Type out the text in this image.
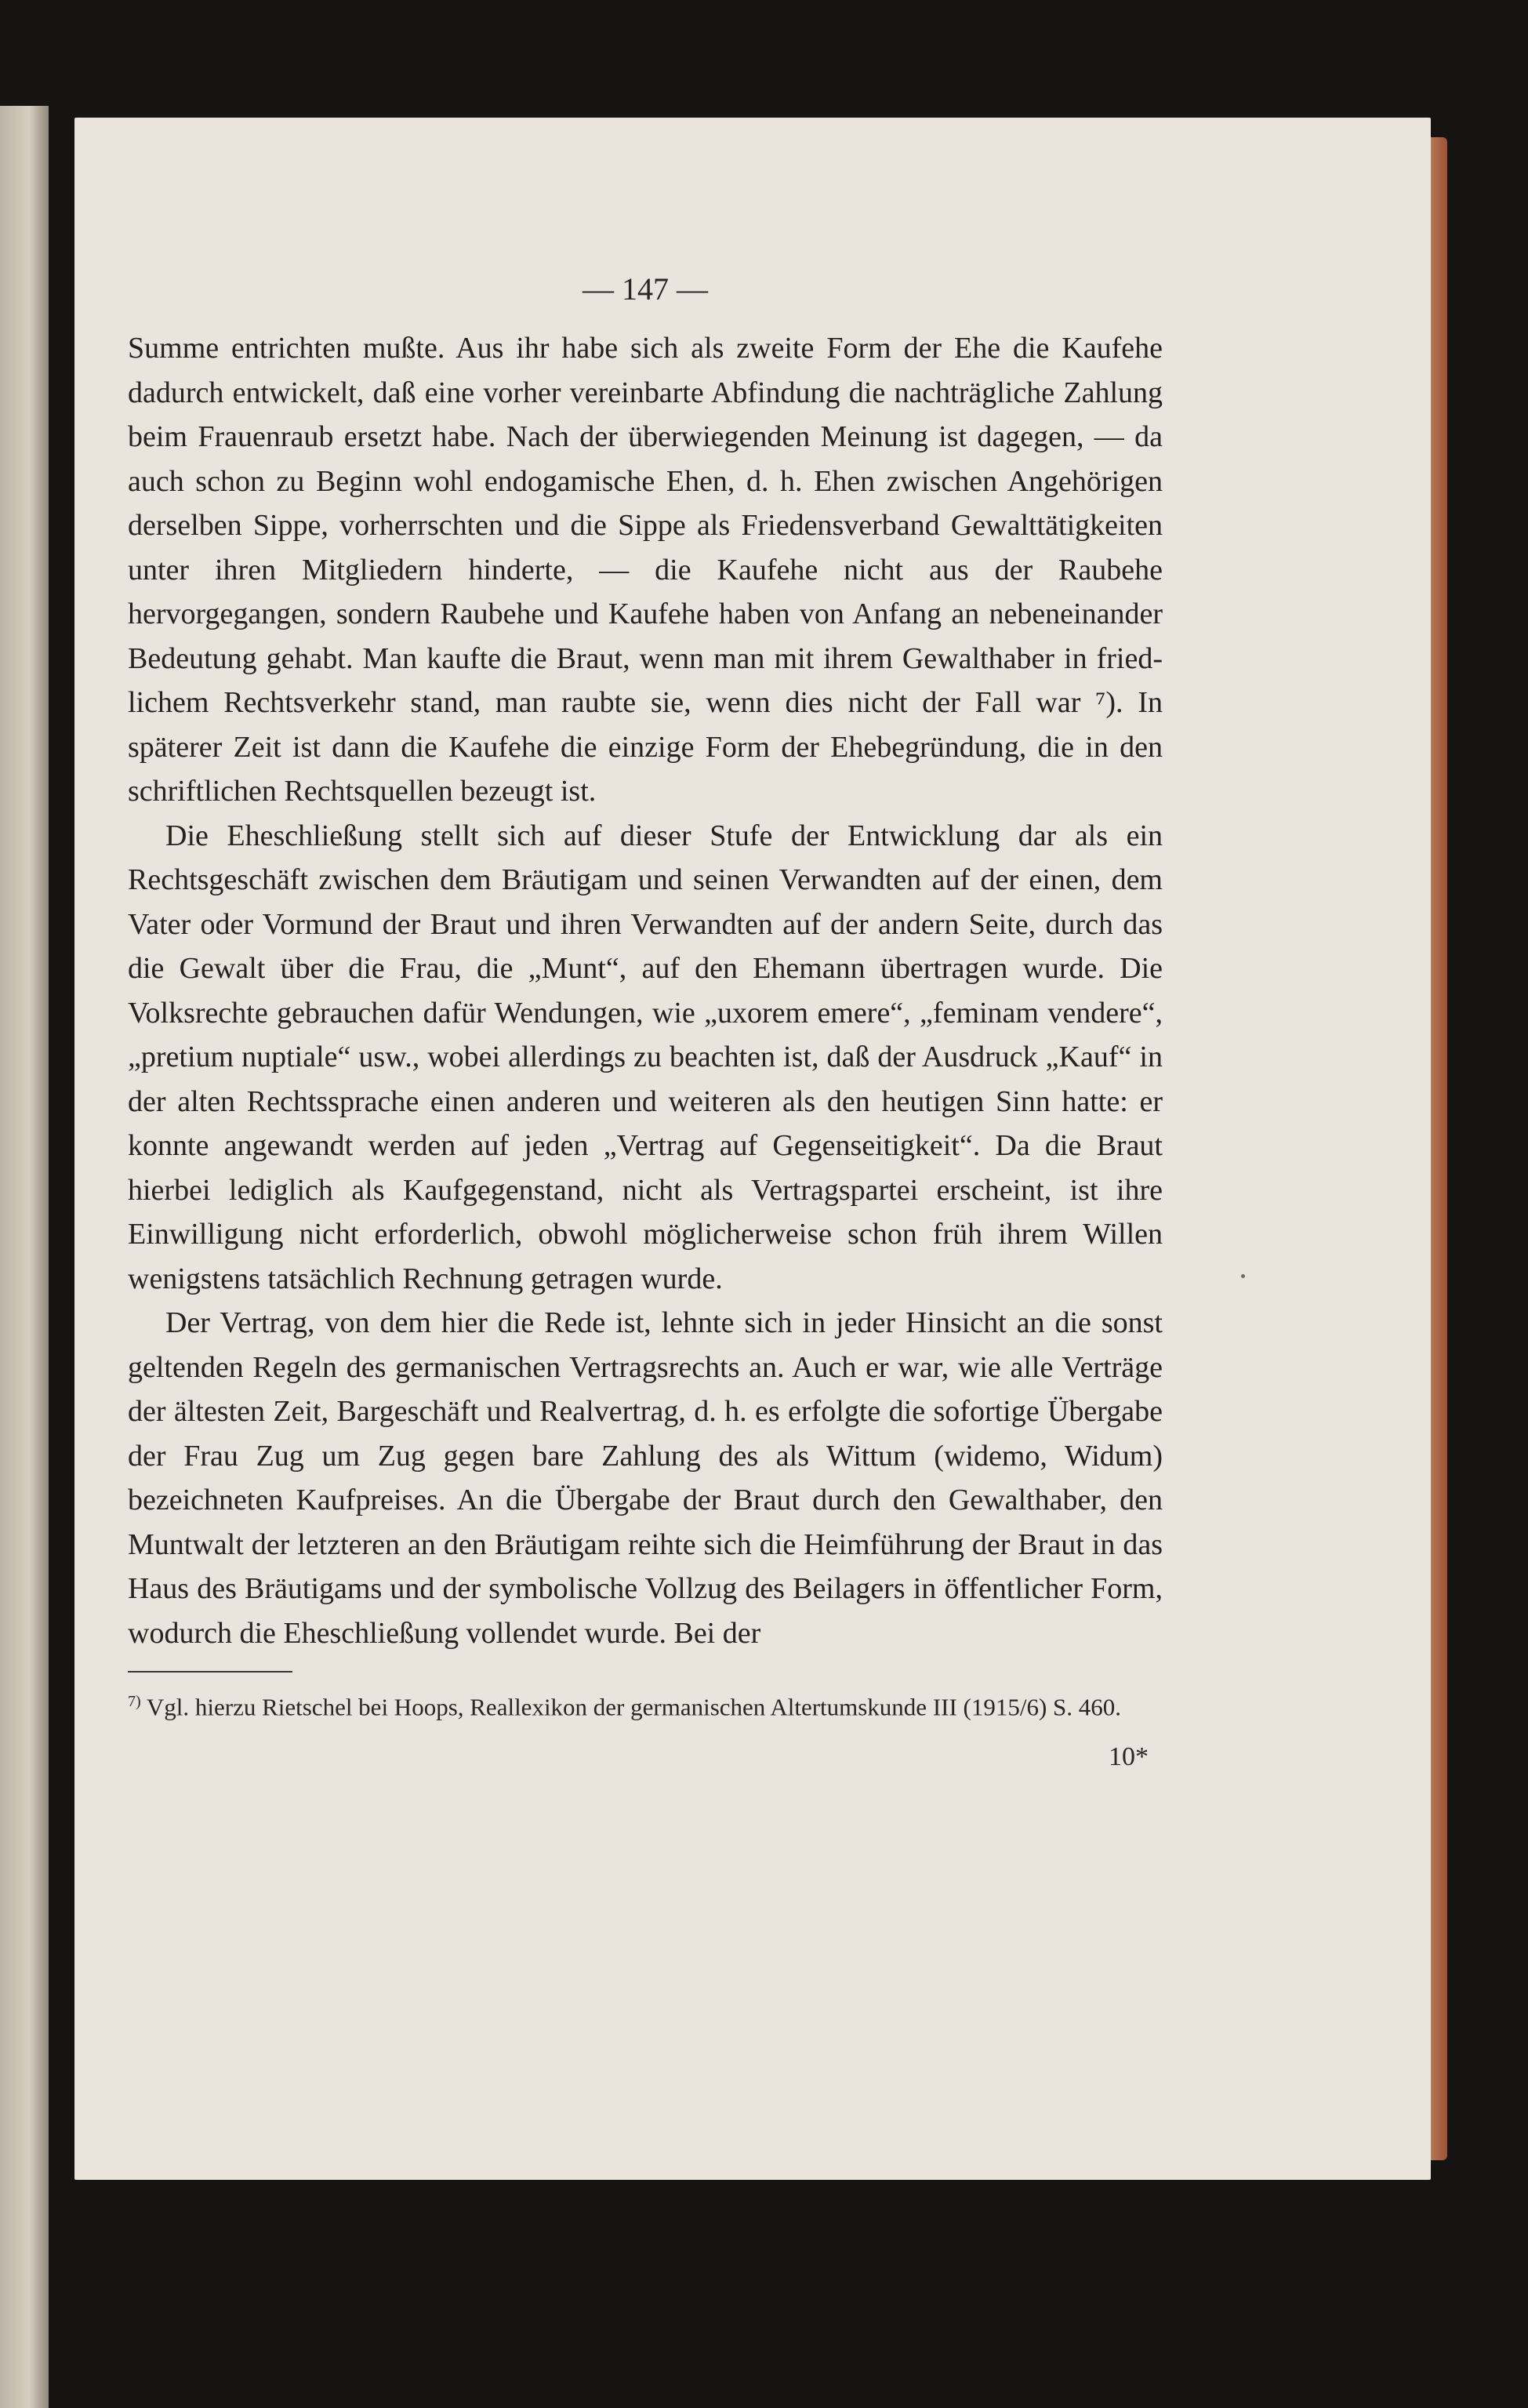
— 147 —

Summe entrichten mußte. Aus ihr habe sich als zweite Form der Ehe die Kaufehe dadurch entwickelt, daß eine vorher vereinbarte Abfindung die nachträgliche Zahlung beim Frauenraub ersetzt habe. Nach der überwiegenden Meinung ist dagegen, — da auch schon zu Beginn wohl endogamische Ehen, d. h. Ehen zwischen Angehörigen derselben Sippe, vorherrschten und die Sippe als Friedensverband Gewalttätigkeiten unter ihren Mitgliedern hinderte, — die Kaufehe nicht aus der Raubehe hervorgegangen, sondern Raubehe und Kaufehe haben von Anfang an nebeneinander Bedeutung gehabt. Man kaufte die Braut, wenn man mit ihrem Gewalthaber in friedlichem Rechtsverkehr stand, man raubte sie, wenn dies nicht der Fall war ⁷). In späterer Zeit ist dann die Kaufehe die einzige Form der Ehebegründung, die in den schriftlichen Rechtsquellen bezeugt ist.

Die Eheschließung stellt sich auf dieser Stufe der Entwicklung dar als ein Rechtsgeschäft zwischen dem Bräutigam und seinen Verwandten auf der einen, dem Vater oder Vormund der Braut und ihren Verwandten auf der andern Seite, durch das die Gewalt über die Frau, die „Munt“, auf den Ehemann übertragen wurde. Die Volksrechte gebrauchen dafür Wendungen, wie „uxorem emere“, „feminam vendere“, „pretium nuptiale“ usw., wobei allerdings zu beachten ist, daß der Ausdruck „Kauf“ in der alten Rechtssprache einen anderen und weiteren als den heutigen Sinn hatte: er konnte angewandt werden auf jeden „Vertrag auf Gegenseitigkeit“. Da die Braut hierbei lediglich als Kaufgegenstand, nicht als Vertragspartei erscheint, ist ihre Einwilligung nicht erforderlich, obwohl möglicherweise schon früh ihrem Willen wenigstens tatsächlich Rechnung getragen wurde.

Der Vertrag, von dem hier die Rede ist, lehnte sich in jeder Hinsicht an die sonst geltenden Regeln des germanischen Vertragsrechts an. Auch er war, wie alle Verträge der ältesten Zeit, Bargeschäft und Realvertrag, d. h. es erfolgte die sofortige Übergabe der Frau Zug um Zug gegen bare Zahlung des als Wittum (widemo, Widum) bezeichneten Kaufpreises. An die Übergabe der Braut durch den Gewalthaber, den Muntwalt der letzteren an den Bräutigam reihte sich die Heimführung der Braut in das Haus des Bräutigams und der symbolische Vollzug des Beilagers in öffentlicher Form, wodurch die Eheschließung vollendet wurde. Bei der

$^{7)}$ Vgl. hierzu Rietschel bei Hoops, Reallexikon der germanischen Altertumskunde III (1915/6) S. 460.
10*
